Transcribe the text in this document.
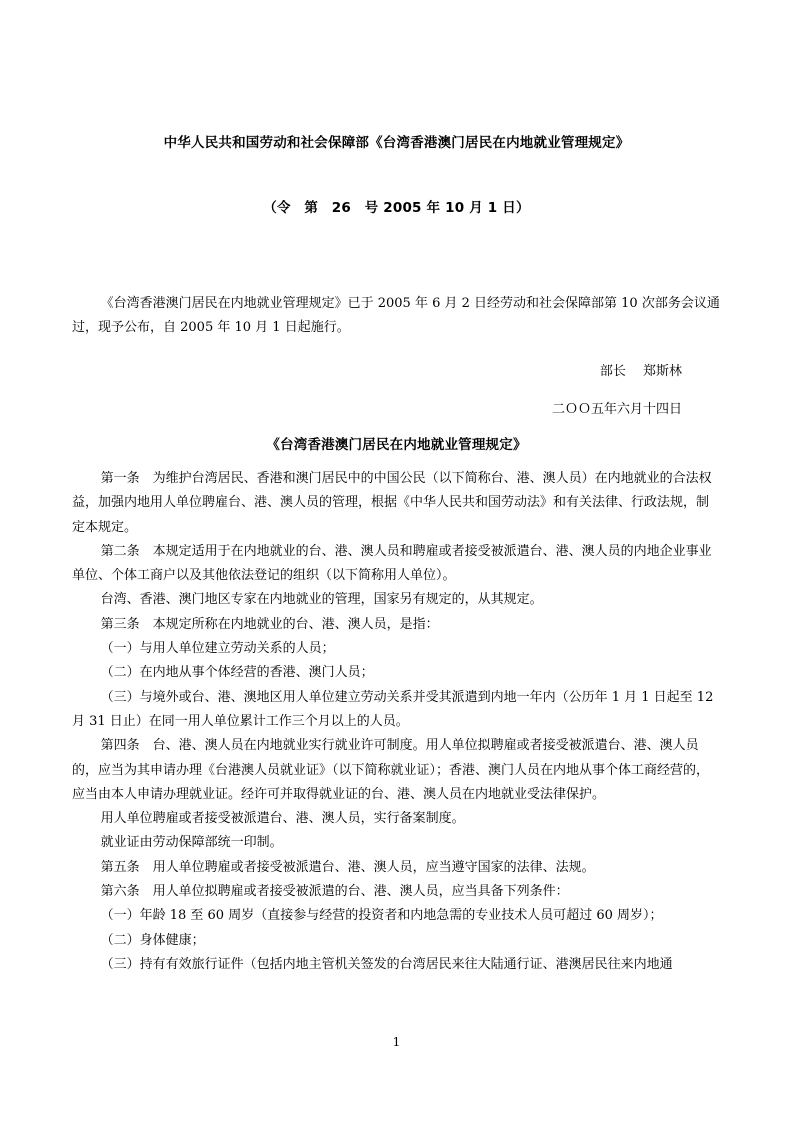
中华人民共和国劳动和社会保障部《台湾香港澳门居民在内地就业管理规定》
（令　第　26　号 2005 年 10 月 1 日）

《台湾香港澳门居民在内地就业管理规定》已于 2005 年 6 月 2 日经劳动和社会保障部第 10 次部务会议通过，现予公布，自 2005 年 10 月 1 日起施行。

部长　 郑斯林
二ＯＯ五年六月十四日
《台湾香港澳门居民在内地就业管理规定》

第一条　为维护台湾居民、香港和澳门居民中的中国公民（以下简称台、港、澳人员）在内地就业的合法权益，加强内地用人单位聘雇台、港、澳人员的管理，根据《中华人民共和国劳动法》和有关法律、行政法规，制定本规定。

第二条　本规定适用于在内地就业的台、港、澳人员和聘雇或者接受被派遣台、港、澳人员的内地企业事业单位、个体工商户以及其他依法登记的组织（以下简称用人单位）。

台湾、香港、澳门地区专家在内地就业的管理，国家另有规定的，从其规定。

第三条　本规定所称在内地就业的台、港、澳人员，是指：

（一）与用人单位建立劳动关系的人员；

（二）在内地从事个体经营的香港、澳门人员；

（三）与境外或台、港、澳地区用人单位建立劳动关系并受其派遣到内地一年内（公历年 1 月 1 日起至 12 月 31 日止）在同一用人单位累计工作三个月以上的人员。

第四条　台、港、澳人员在内地就业实行就业许可制度。用人单位拟聘雇或者接受被派遣台、港、澳人员的，应当为其申请办理《台港澳人员就业证》（以下简称就业证）；香港、澳门人员在内地从事个体工商经营的，应当由本人申请办理就业证。经许可并取得就业证的台、港、澳人员在内地就业受法律保护。

用人单位聘雇或者接受被派遣台、港、澳人员，实行备案制度。

就业证由劳动保障部统一印制。

第五条　用人单位聘雇或者接受被派遣台、港、澳人员，应当遵守国家的法律、法规。

第六条　用人单位拟聘雇或者接受被派遣的台、港、澳人员，应当具备下列条件：

（一）年龄 18 至 60 周岁（直接参与经营的投资者和内地急需的专业技术人员可超过 60 周岁）；

（二）身体健康；

（三）持有有效旅行证件（包括内地主管机关签发的台湾居民来往大陆通行证、港澳居民往来内地通

1
